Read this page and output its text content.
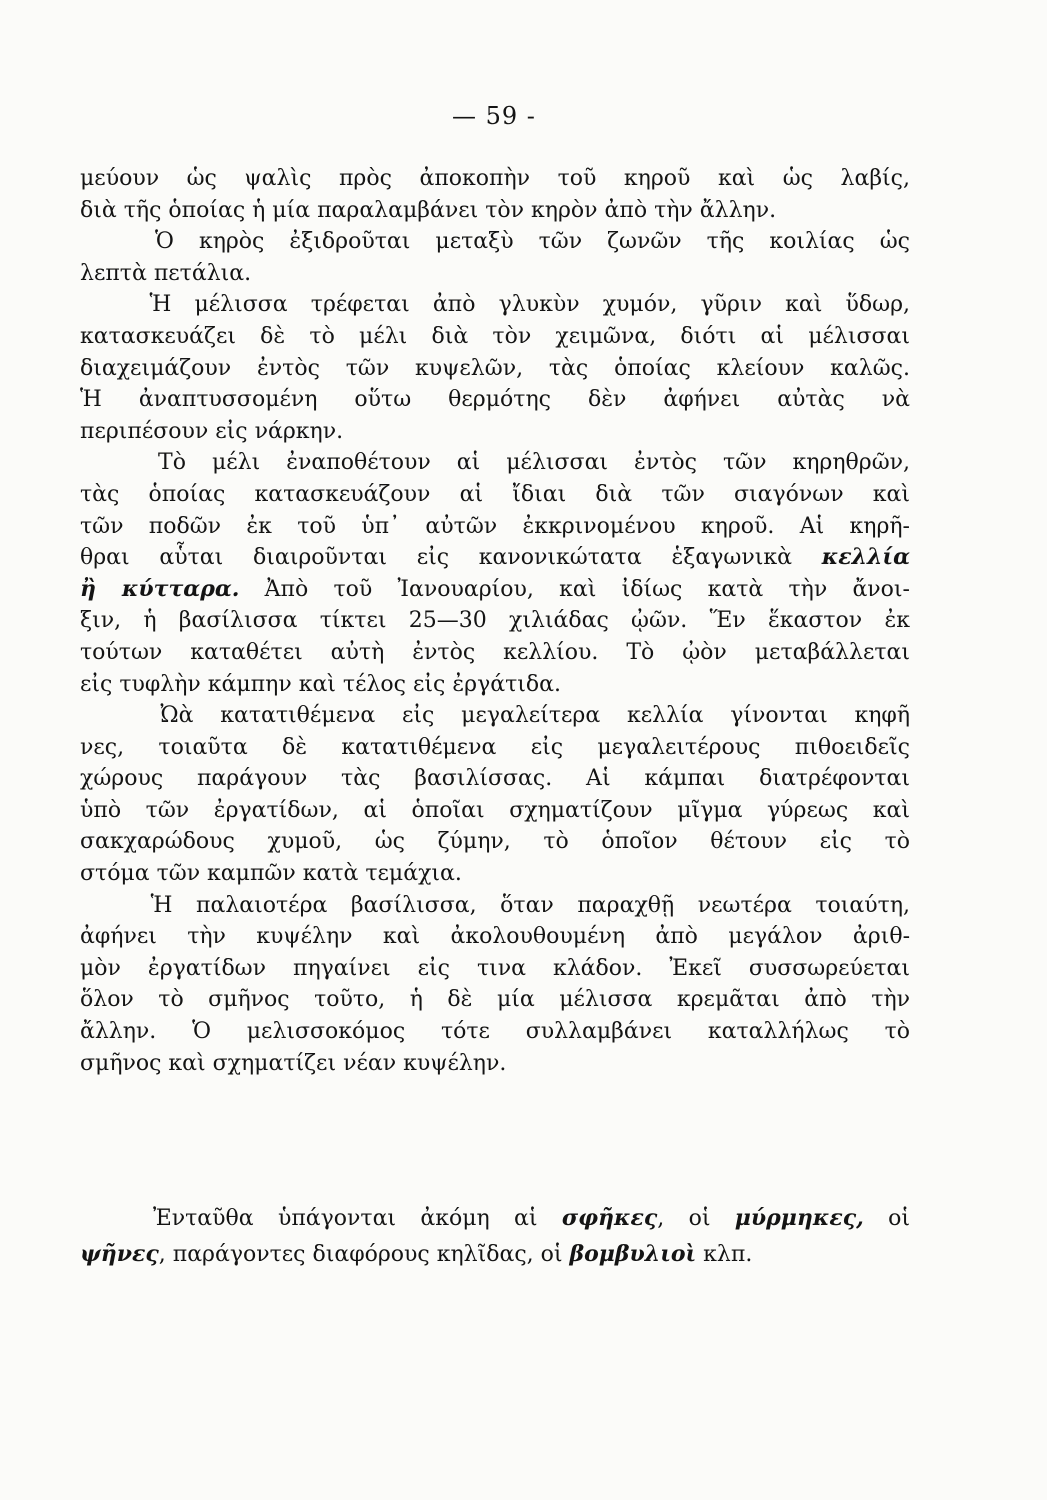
— 59 -
μεύουν ὡς ψαλὶς πρὸς ἀποκοπὴν τοῦ κηροῦ καὶ ὡς λαβίς,
διὰ τῆς ὁποίας ἡ μία παραλαμβάνει τὸν κηρὸν ἀπὸ τὴν ἄλλην.
Ὁ κηρὸς ἐξιδροῦται μεταξὺ τῶν ζωνῶν τῆς κοιλίας ὡς
λεπτὰ πετάλια.
Ἡ μέλισσα τρέφεται ἀπὸ γλυκὺν χυμόν, γῦριν καὶ ὕδωρ,
κατασκευάζει δὲ τὸ μέλι διὰ τὸν χειμῶνα, διότι αἱ μέλισσαι
διαχειμάζουν ἐντὸς τῶν κυψελῶν, τὰς ὁποίας κλείουν καλῶς.
Ἡ ἀναπτυσσομένη οὕτω θερμότης δὲν ἀφήνει αὐτὰς νὰ
περιπέσουν εἰς νάρκην.
Τὸ μέλι ἐναποθέτουν αἱ μέλισσαι ἐντὸς τῶν κηρηθρῶν,
τὰς ὁποίας κατασκευάζουν αἱ ἴδιαι διὰ τῶν σιαγόνων καὶ
τῶν ποδῶν ἐκ τοῦ ὑπ᾿ αὐτῶν ἐκκρινομένου κηροῦ. Αἱ κηρῆ-
θραι αὗται διαιροῦνται εἰς κανονικώτατα ἑξαγωνικὰ κελλία
ἢ κύτταρα. Ἀπὸ τοῦ Ἰανουαρίου, καὶ ἰδίως κατὰ τὴν ἄνοι-
ξιν, ἡ βασίλισσα τίκτει 25—30 χιλιάδας ᾠῶν. Ἕν ἕκαστον ἐκ
τούτων καταθέτει αὐτὴ ἐντὸς κελλίου. Τὸ ᾠὸν μεταβάλλεται
εἰς τυφλὴν κάμπην καὶ τέλος εἰς ἐργάτιδα.
Ὠὰ κατατιθέμενα εἰς μεγαλείτερα κελλία γίνονται κηφῆ
νες, τοιαῦτα δὲ κατατιθέμενα εἰς μεγαλειτέρους πιθοειδεῖς
χώρους παράγουν τὰς βασιλίσσας. Αἱ κάμπαι διατρέφονται
ὑπὸ τῶν ἐργατίδων, αἱ ὁποῖαι σχηματίζουν μῖγμα γύρεως καὶ
σακχαρώδους χυμοῦ, ὡς ζύμην, τὸ ὁποῖον θέτουν εἰς τὸ
στόμα τῶν καμπῶν κατὰ τεμάχια.
Ἡ παλαιοτέρα βασίλισσα, ὅταν παραχθῇ νεωτέρα τοιαύτη,
ἀφήνει τὴν κυψέλην καὶ ἀκολουθουμένη ἀπὸ μεγάλον ἀριθ-
μὸν ἐργατίδων πηγαίνει εἰς τινα κλάδον. Ἐκεῖ συσσωρεύεται
ὅλον τὸ σμῆνος τοῦτο, ἡ δὲ μία μέλισσα κρεμᾶται ἀπὸ τὴν
ἄλλην. Ὁ μελισσοκόμος τότε συλλαμβάνει καταλλήλως τὸ
σμῆνος καὶ σχηματίζει νέαν κυψέλην.
Ἐνταῦθα ὑπάγονται ἀκόμη αἱ σφῆκες, οἱ μύρμηκες, οἱ
ψῆνες, παράγοντες διαφόρους κηλῖδας, οἱ βομβυλιοὶ κλπ.
